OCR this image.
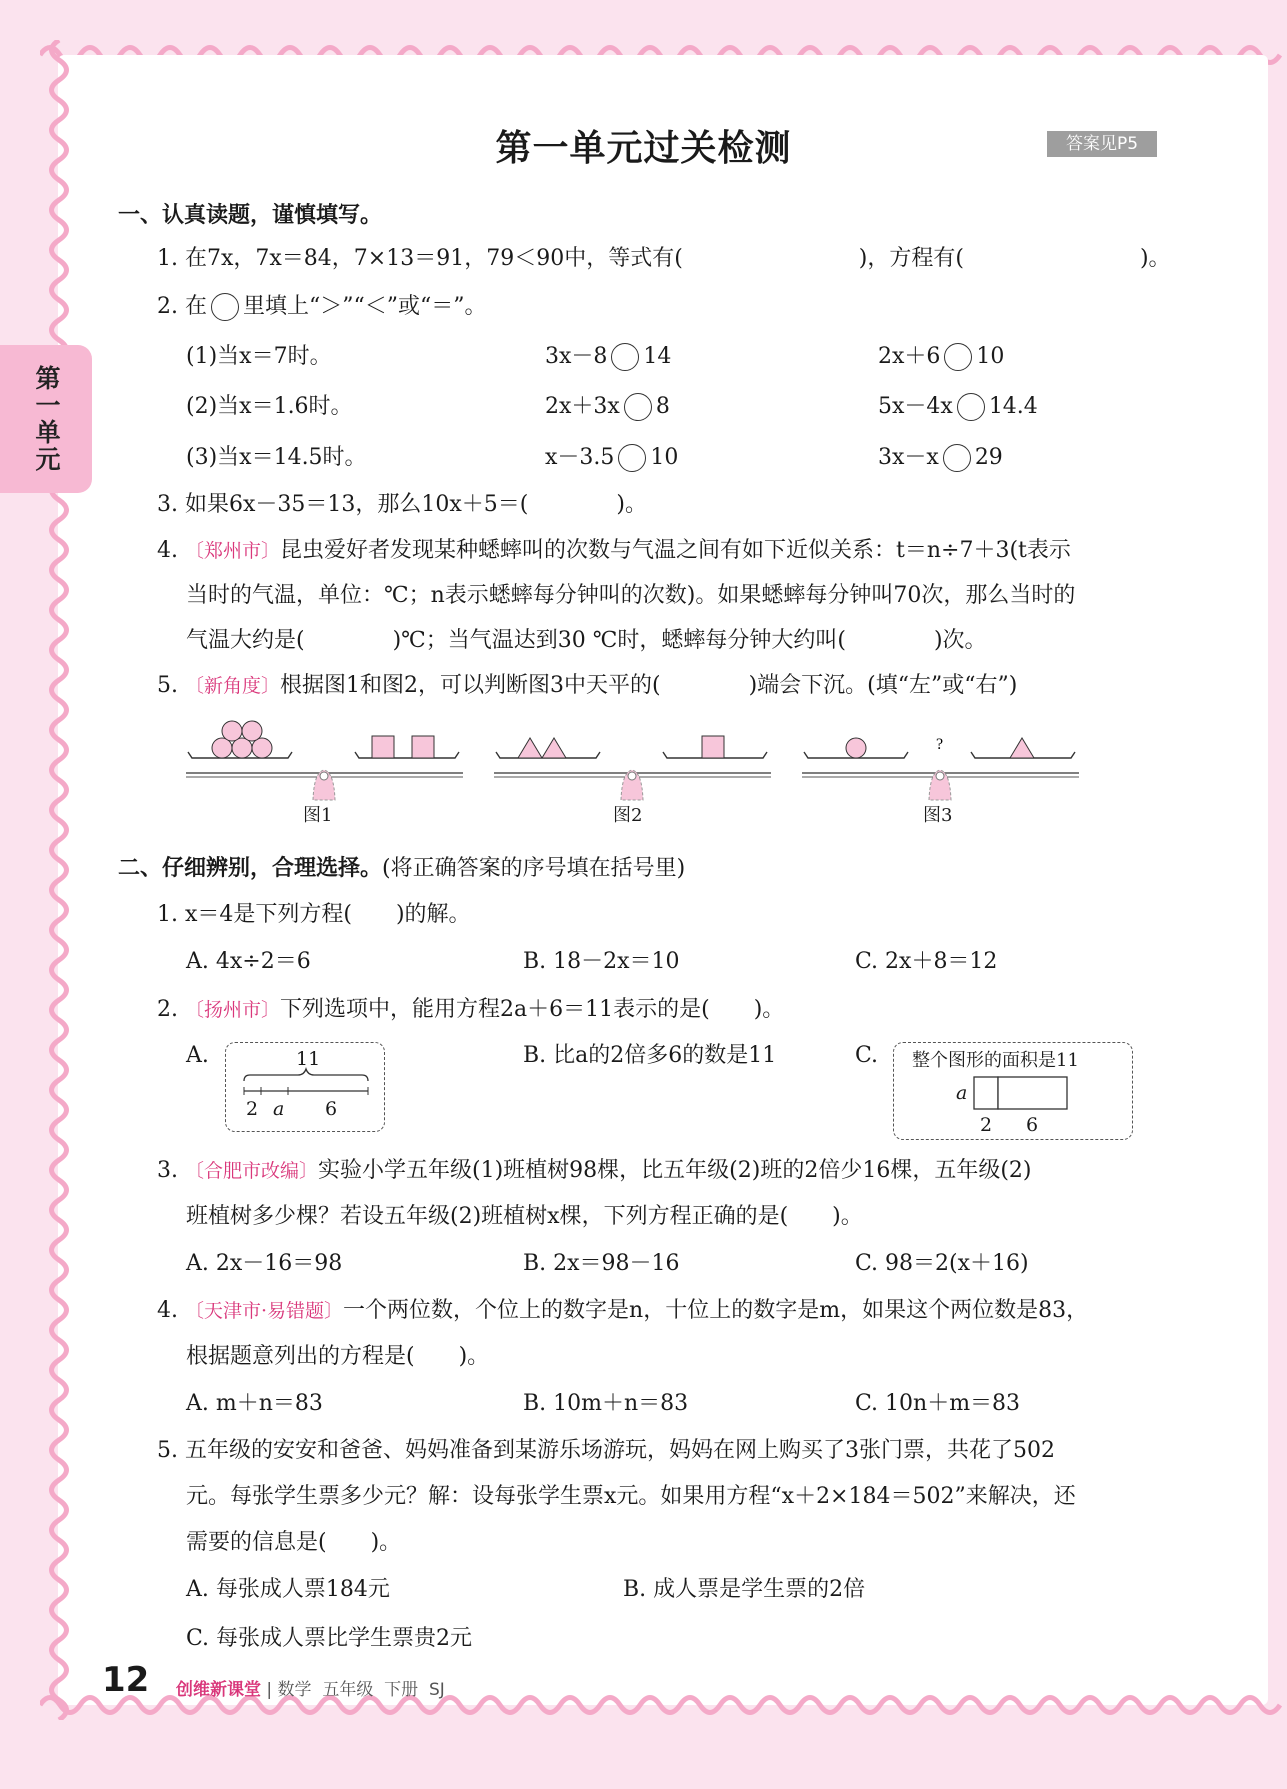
第一单元
第一单元过关检测	答案见P5
一、认真读题，谨慎填写。
1. 在7x，7x＝84，7×13＝91，79＜90中，等式有(　　　　　　　　)，方程有(　　　　　　　　)。
2. 在 里填上“＞”“＜”或“＝”。
(1)当x＝7时。	3x－8 14	2x＋6 10
(2)当x＝1.6时。	2x＋3x 8	5x－4x 14.4
(3)当x＝14.5时。	x－3.5 10	3x－x 29
3. 如果6x－35＝13，那么10x＋5＝(　　　　)。
4. 〔郑州市〕昆虫爱好者发现某种蟋蟀叫的次数与气温之间有如下近似关系：t＝n÷7＋3(t表示
当时的气温，单位：℃；n表示蟋蟀每分钟叫的次数)。如果蟋蟀每分钟叫70次，那么当时的
气温大约是(　　　　)℃；当气温达到30 ℃时，蟋蟀每分钟大约叫(　　　　)次。
5. 〔新角度〕根据图1和图2，可以判断图3中天平的(　　　　)端会下沉。(填“左”或“右”)
?
图1	图2	图3
二、仔细辨别，合理选择。(将正确答案的序号填在括号里)
1. x＝4是下列方程(　　)的解。
A. 4x÷2＝6	B. 18－2x＝10	C. 2x＋8＝12
2. 〔扬州市〕下列选项中，能用方程2a＋6＝11表示的是(　　)。
A.	11
2 a 6
B. 比a的2倍多6的数是11	C. 整个图形的面积是11
a
2 6
3. 〔合肥市改编〕实验小学五年级(1)班植树98棵，比五年级(2)班的2倍少16棵，五年级(2)
班植树多少棵？若设五年级(2)班植树x棵，下列方程正确的是(　　)。
A. 2x－16＝98	B. 2x＝98－16	C. 98＝2(x＋16)
4. 〔天津市·易错题〕一个两位数，个位上的数字是n，十位上的数字是m，如果这个两位数是83，
根据题意列出的方程是(　　)。
A. m＋n＝83	B. 10m＋n＝83	C. 10n＋m＝83
5. 五年级的安安和爸爸、妈妈准备到某游乐场游玩，妈妈在网上购买了3张门票，共花了502
元。每张学生票多少元？解：设每张学生票x元。如果用方程“x＋2×184＝502”来解决，还
需要的信息是(　　)。
A. 每张成人票184元	B. 成人票是学生票的2倍
C. 每张成人票比学生票贵2元
12 创维新课堂 | 数学 五年级 下册 SJ
